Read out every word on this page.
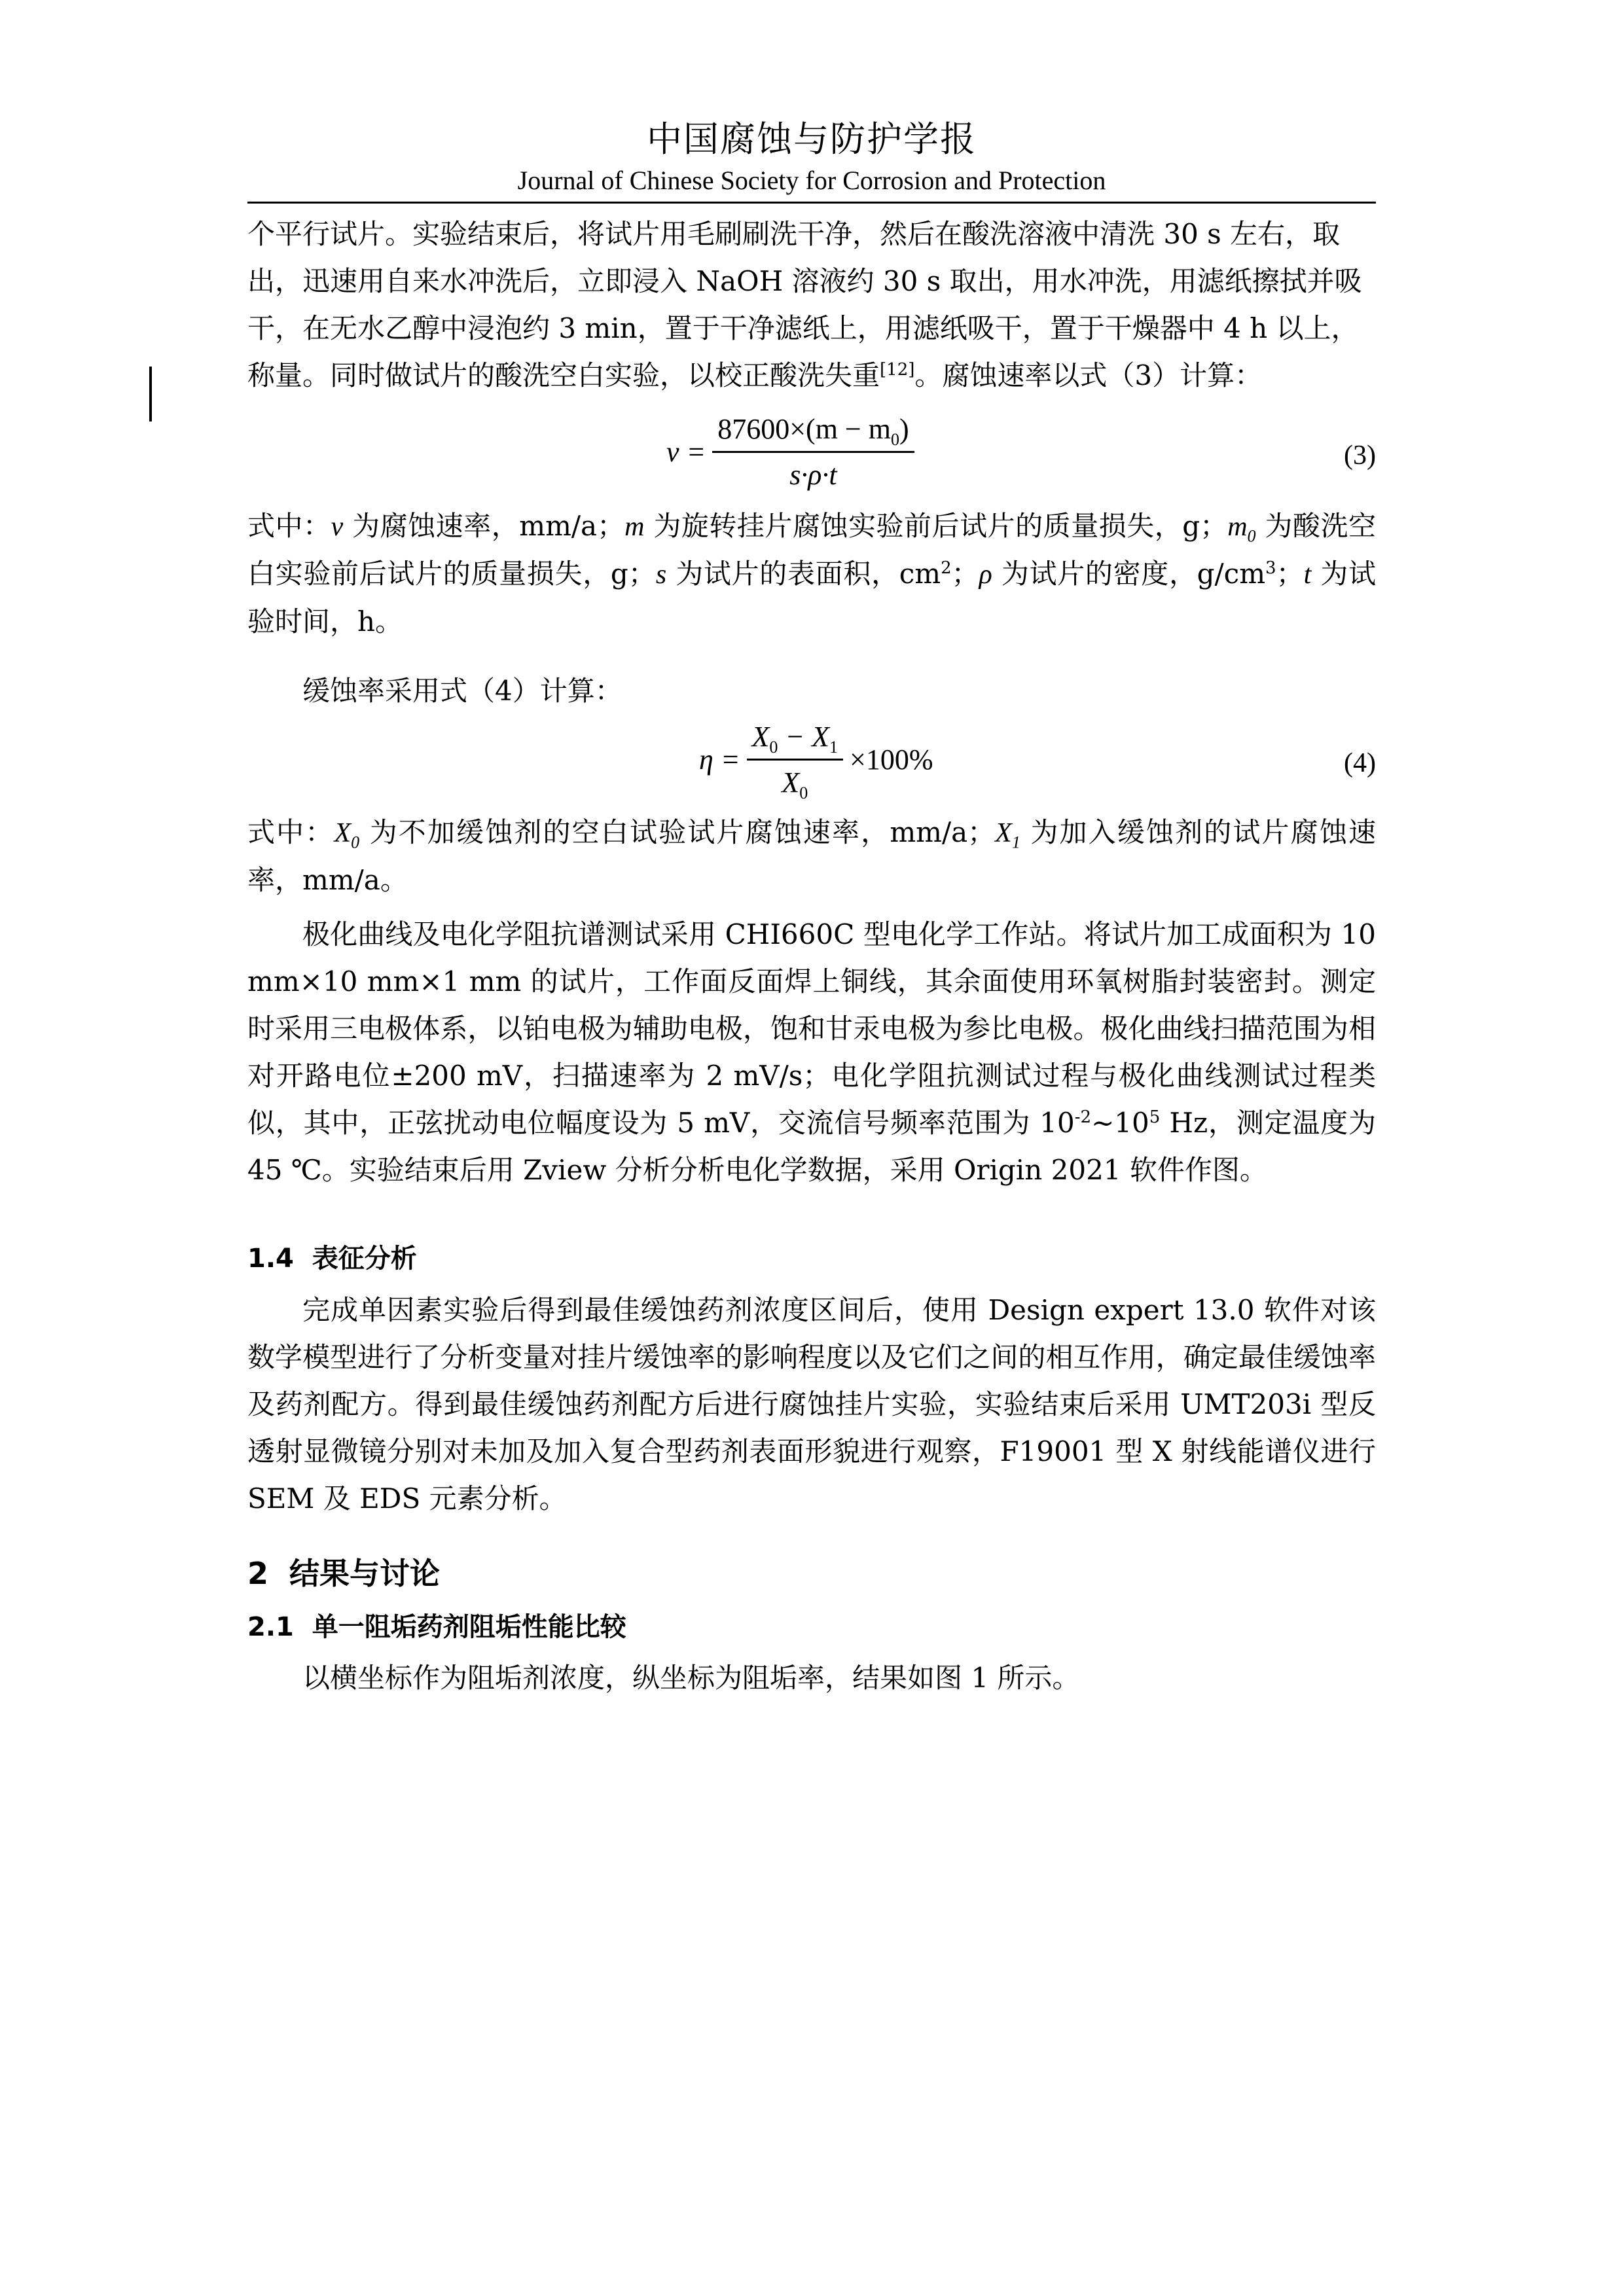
中国腐蚀与防护学报
Journal of Chinese Society for Corrosion and Protection
个平行试片。实验结束后，将试片用毛刷刷洗干净，然后在酸洗溶液中清洗 30 s 左右，取
出，迅速用自来水冲洗后，立即浸入 NaOH 溶液约 30 s 取出，用水冲洗，用滤纸擦拭并吸
干，在无水乙醇中浸泡约 3 min，置于干净滤纸上，用滤纸吸干，置于干燥器中 4 h 以上，
称量。同时做试片的酸洗空白实验，以校正酸洗失重[12]。腐蚀速率以式（3）计算：
$v = \frac{87600\times(m - m_0)}{s\cdot\rho\cdot t}$	(3)
式中：v 为腐蚀速率，mm/a；m 为旋转挂片腐蚀实验前后试片的质量损失，g；$m_0$ 为酸洗空白实验前后试片的质量损失，g；s 为试片的表面积，$cm^2$；ρ 为试片的密度，$g/cm^3$；t 为试验时间，h。
缓蚀率采用式（4）计算：
$\eta = \frac{X_0 - X_1}{X_0} \times 100\%$	(4)
式中：$X_0$ 为不加缓蚀剂的空白试验试片腐蚀速率，mm/a；$X_1$ 为加入缓蚀剂的试片腐蚀速率，mm/a。
极化曲线及电化学阻抗谱测试采用 CHI660C 型电化学工作站。将试片加工成面积为 10 mm×10 mm×1 mm 的试片，工作面反面焊上铜线，其余面使用环氧树脂封装密封。测定时采用三电极体系，以铂电极为辅助电极，饱和甘汞电极为参比电极。极化曲线扫描范围为相对开路电位±200 mV，扫描速率为 2 mV/s；电化学阻抗测试过程与极化曲线测试过程类似，其中，正弦扰动电位幅度设为 5 mV，交流信号频率范围为 $10^{-2}\sim 10^5$ Hz，测定温度为 45 ℃。实验结束后用 Zview 分析分析电化学数据，采用 Origin 2021 软件作图。
1.4 表征分析
完成单因素实验后得到最佳缓蚀药剂浓度区间后，使用 Design expert 13.0 软件对该数学模型进行了分析变量对挂片缓蚀率的影响程度以及它们之间的相互作用，确定最佳缓蚀率及药剂配方。得到最佳缓蚀药剂配方后进行腐蚀挂片实验，实验结束后采用 UMT203i 型反透射显微镜分别对未加及加入复合型药剂表面形貌进行观察，F19001 型 X 射线能谱仪进行 SEM 及 EDS 元素分析。
2 结果与讨论
2.1 单一阻垢药剂阻垢性能比较
以横坐标作为阻垢剂浓度，纵坐标为阻垢率，结果如图 1 所示。
